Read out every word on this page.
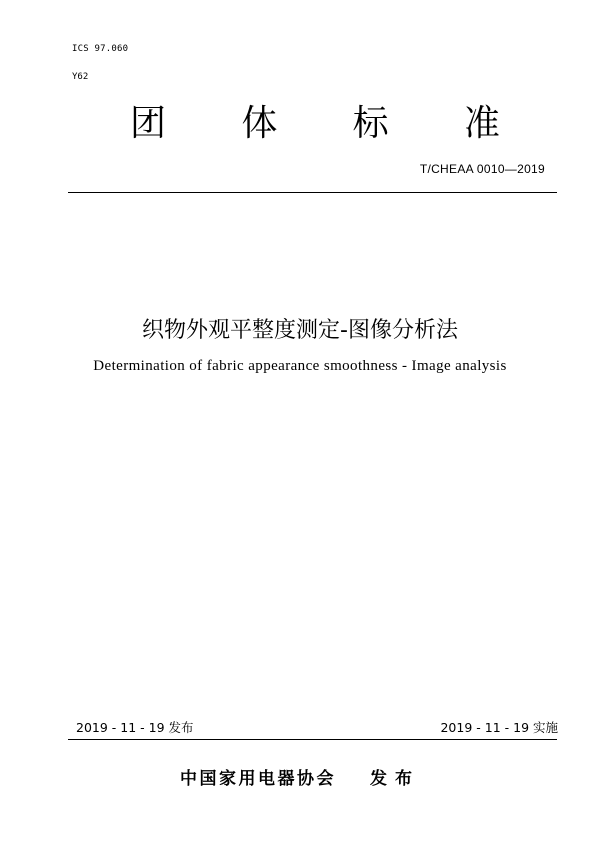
ICS 97.060
Y62
团 体 标 准
T/CHEAA 0010—2019
织物外观平整度测定-图像分析法
Determination of fabric appearance smoothness - Image analysis
2019 - 11 - 19 发布	2019 - 11 - 19 实施
中国家用电器协会 发布
